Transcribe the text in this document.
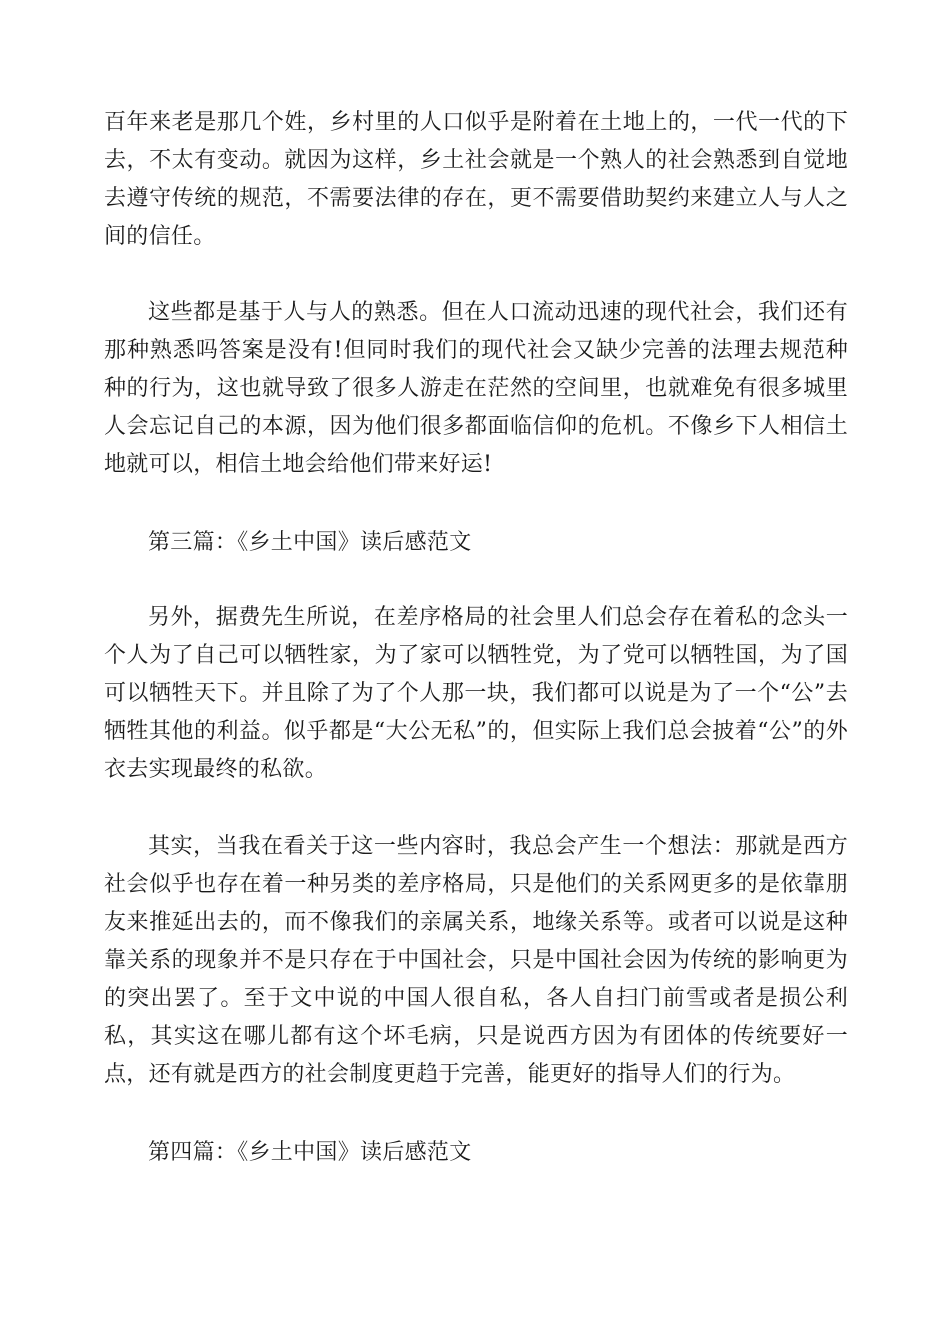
百年来老是那几个姓，乡村里的人口似乎是附着在土地上的，一代一代的下去，不太有变动。就因为这样，乡土社会就是一个熟人的社会熟悉到自觉地去遵守传统的规范，不需要法律的存在，更不需要借助契约来建立人与人之间的信任。
这些都是基于人与人的熟悉。但在人口流动迅速的现代社会，我们还有那种熟悉吗答案是没有!但同时我们的现代社会又缺少完善的法理去规范种种的行为，这也就导致了很多人游走在茫然的空间里，也就难免有很多城里人会忘记自己的本源，因为他们很多都面临信仰的危机。不像乡下人相信土地就可以，相信土地会给他们带来好运!
第三篇：《乡土中国》读后感范文
另外，据费先生所说，在差序格局的社会里人们总会存在着私的念头一个人为了自己可以牺牲家，为了家可以牺牲党，为了党可以牺牲国，为了国可以牺牲天下。并且除了为了个人那一块，我们都可以说是为了一个“公”去牺牲其他的利益。似乎都是“大公无私”的，但实际上我们总会披着“公”的外衣去实现最终的私欲。
其实，当我在看关于这一些内容时，我总会产生一个想法：那就是西方社会似乎也存在着一种另类的差序格局，只是他们的关系网更多的是依靠朋友来推延出去的，而不像我们的亲属关系，地缘关系等。或者可以说是这种靠关系的现象并不是只存在于中国社会，只是中国社会因为传统的影响更为的突出罢了。至于文中说的中国人很自私，各人自扫门前雪或者是损公利私，其实这在哪儿都有这个坏毛病，只是说西方因为有团体的传统要好一点，还有就是西方的社会制度更趋于完善，能更好的指导人们的行为。
第四篇：《乡土中国》读后感范文
